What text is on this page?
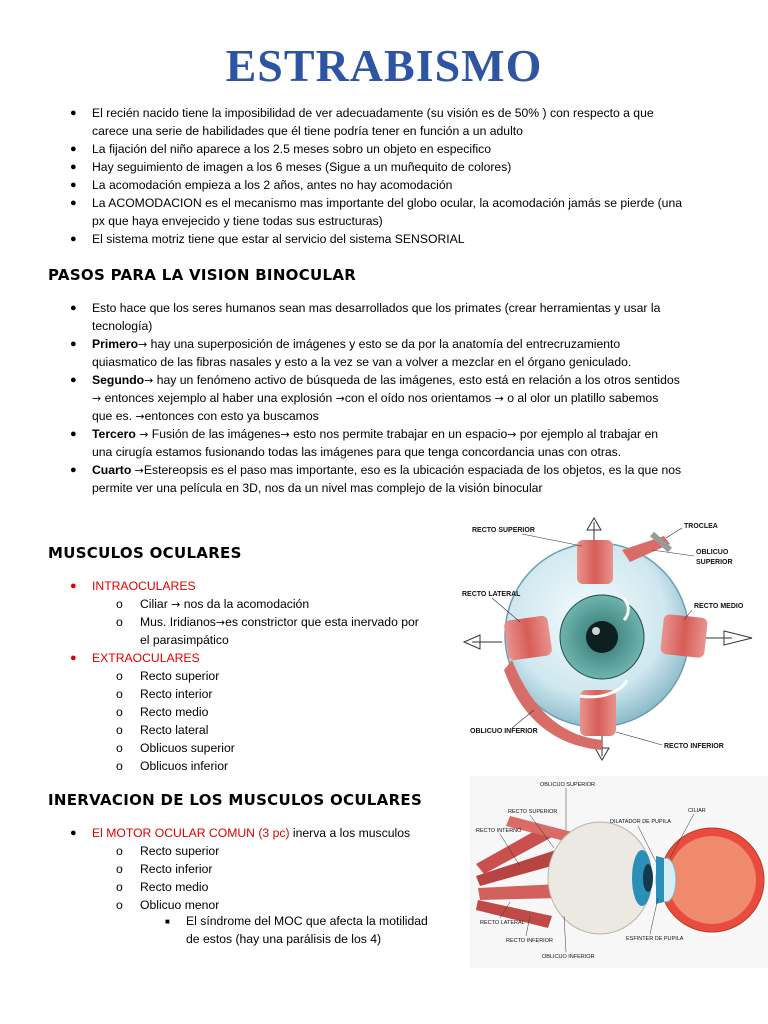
ESTRABISMO
● El recién nacido tiene la imposibilidad de ver adecuadamente (su visión es de 50% ) con respecto a que
carece una serie de habilidades que él tiene podría tener en función a un adulto
● La fijación del niño aparece a los 2.5 meses sobro un objeto en especifico
● Hay seguimiento de imagen a los 6 meses (Sigue a un muñequito de colores)
● La acomodación empieza a los 2 años, antes no hay acomodación
● La ACOMODACION es el mecanismo mas importante del globo ocular, la acomodación jamás se pierde (una
px que haya envejecido y tiene todas sus estructuras)
● El sistema motriz tiene que estar al servicio del sistema SENSORIAL
PASOS PARA LA VISION BINOCULAR
● Esto hace que los seres humanos sean mas desarrollados que los primates (crear herramientas y usar la
tecnología)
● Primero→ hay una superposición de imágenes y esto se da por la anatomía del entrecruzamiento
quiasmatico de las fibras nasales y esto a la vez se van a volver a mezclar en el órgano geniculado.
● Segundo→ hay un fenómeno activo de búsqueda de las imágenes, esto está en relación a los otros sentidos
→ entonces xejemplo al haber una explosión →con el oído nos orientamos → o al olor un platillo sabemos
que es. →entonces con esto ya buscamos
● Tercero → Fusión de las imágenes→ esto nos permite trabajar en un espacio→ por ejemplo al trabajar en
una cirugía estamos fusionando todas las imágenes para que tenga concordancia unas con otras.
● Cuarto →Estereopsis es el paso mas importante, eso es la ubicación espaciada de los objetos, es la que nos
permite ver una película en 3D, nos da un nivel mas complejo de la visión binocular
MUSCULOS OCULARES
● INTRAOCULARES
o Ciliar → nos da la acomodación
o Mus. Iridianos→es constrictor que esta inervado por
el parasimpático
● EXTRAOCULARES
o Recto superior
o Recto interior
o Recto medio
o Recto lateral
o Oblicuos superior
o Oblicuos inferior
INERVACION DE LOS MUSCULOS OCULARES
● El MOTOR OCULAR COMUN (3 pc) inerva a los musculos
o Recto superior
o Recto inferior
o Recto medio
o Oblicuo menor
■ El síndrome del MOC que afecta la motilidad
de estos (hay una parálisis de los 4)
RECTO SUPERIOR
TROCLEA
OBLICUO
SUPERIOR
RECTO LATERAL
RECTO MEDIO
OBLICUO INFERIOR
RECTO INFERIOR
OBLICUO SUPERIOR
RECTO SUPERIOR
RECTO INTERNO
RECTO LATERAL
RECTO INFERIOR
OBLICUO INFERIOR
CILIAR
DILATADOR DE PUPILA
ESFINTER DE PUPILA
